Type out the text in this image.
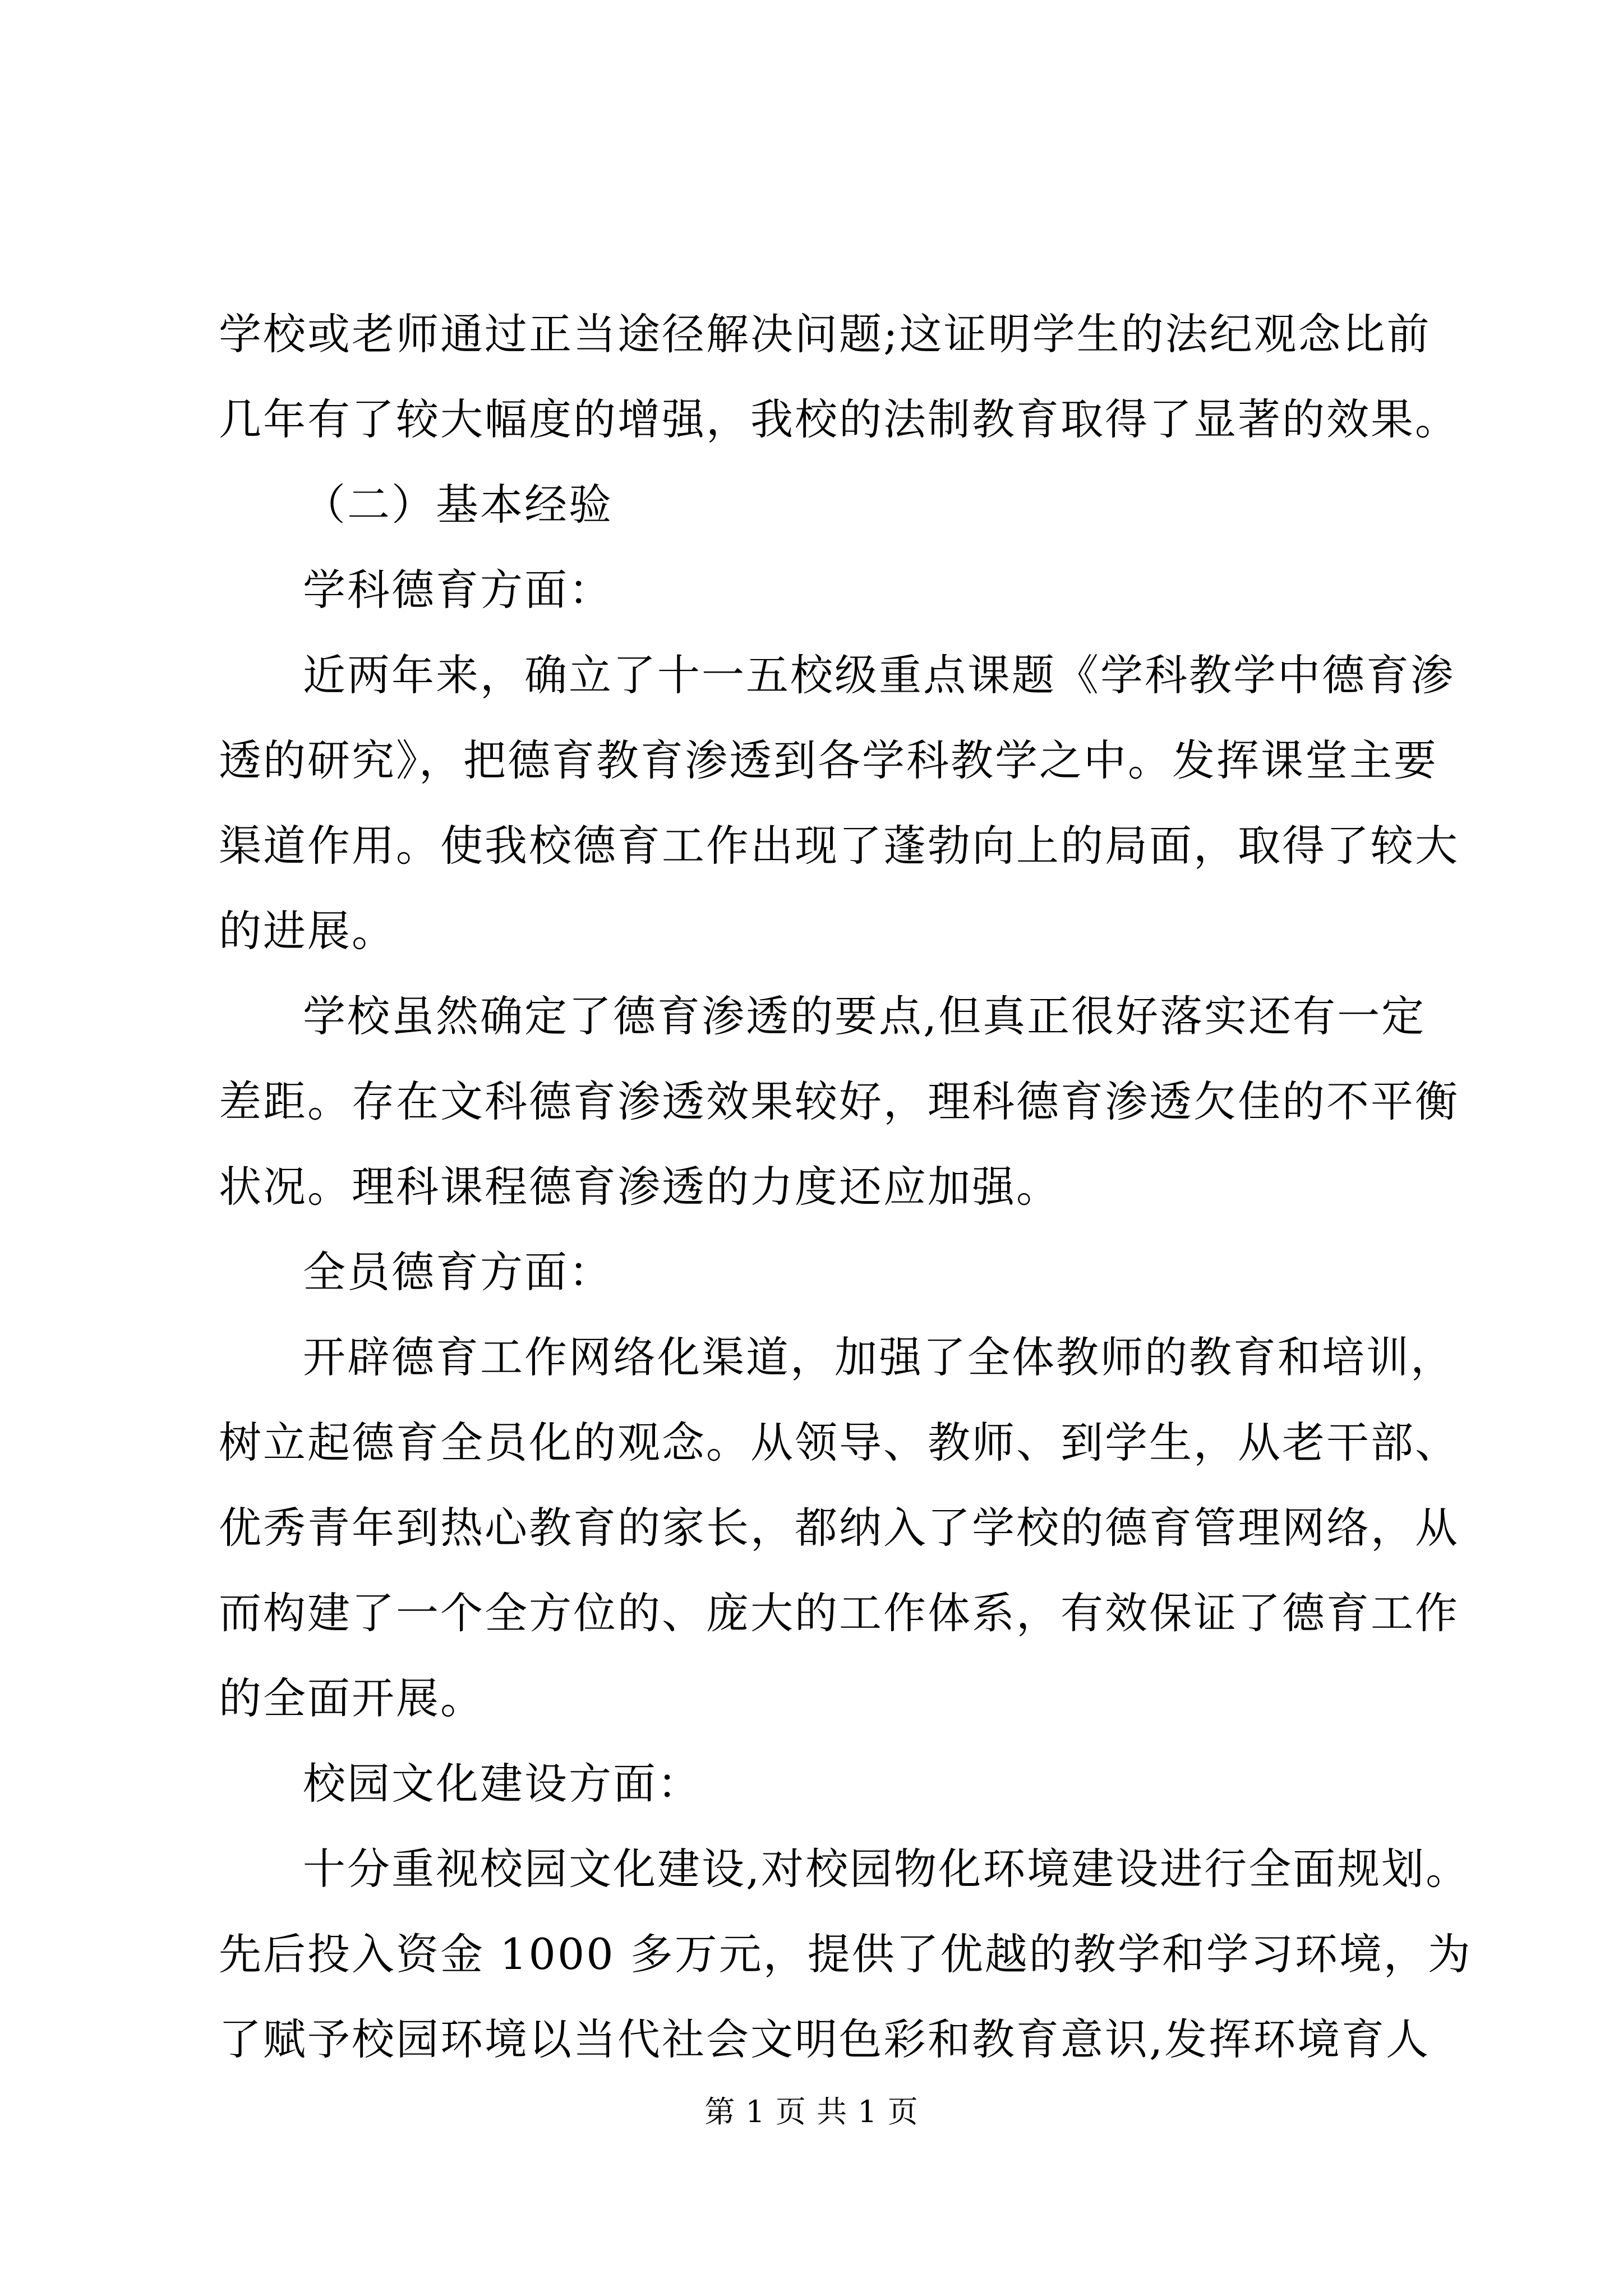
学校或老师通过正当途径解决问题;这证明学生的法纪观念比前
几年有了较大幅度的增强，我校的法制教育取得了显著的效果。
（二）基本经验
学科德育方面：
近两年来，确立了十一五校级重点课题《学科教学中德育渗
透的研究》，把德育教育渗透到各学科教学之中。发挥课堂主要
渠道作用。使我校德育工作出现了蓬勃向上的局面，取得了较大
的进展。
学校虽然确定了德育渗透的要点,但真正很好落实还有一定
差距。存在文科德育渗透效果较好，理科德育渗透欠佳的不平衡
状况。理科课程德育渗透的力度还应加强。
全员德育方面：
开辟德育工作网络化渠道，加强了全体教师的教育和培训，
树立起德育全员化的观念。从领导、教师、到学生，从老干部、
优秀青年到热心教育的家长，都纳入了学校的德育管理网络，从
而构建了一个全方位的、庞大的工作体系，有效保证了德育工作
的全面开展。
校园文化建设方面：
十分重视校园文化建设,对校园物化环境建设进行全面规划。
先后投入资金 1000 多万元，提供了优越的教学和学习环境，为
了赋予校园环境以当代社会文明色彩和教育意识,发挥环境育人
第 1 页 共 1 页
